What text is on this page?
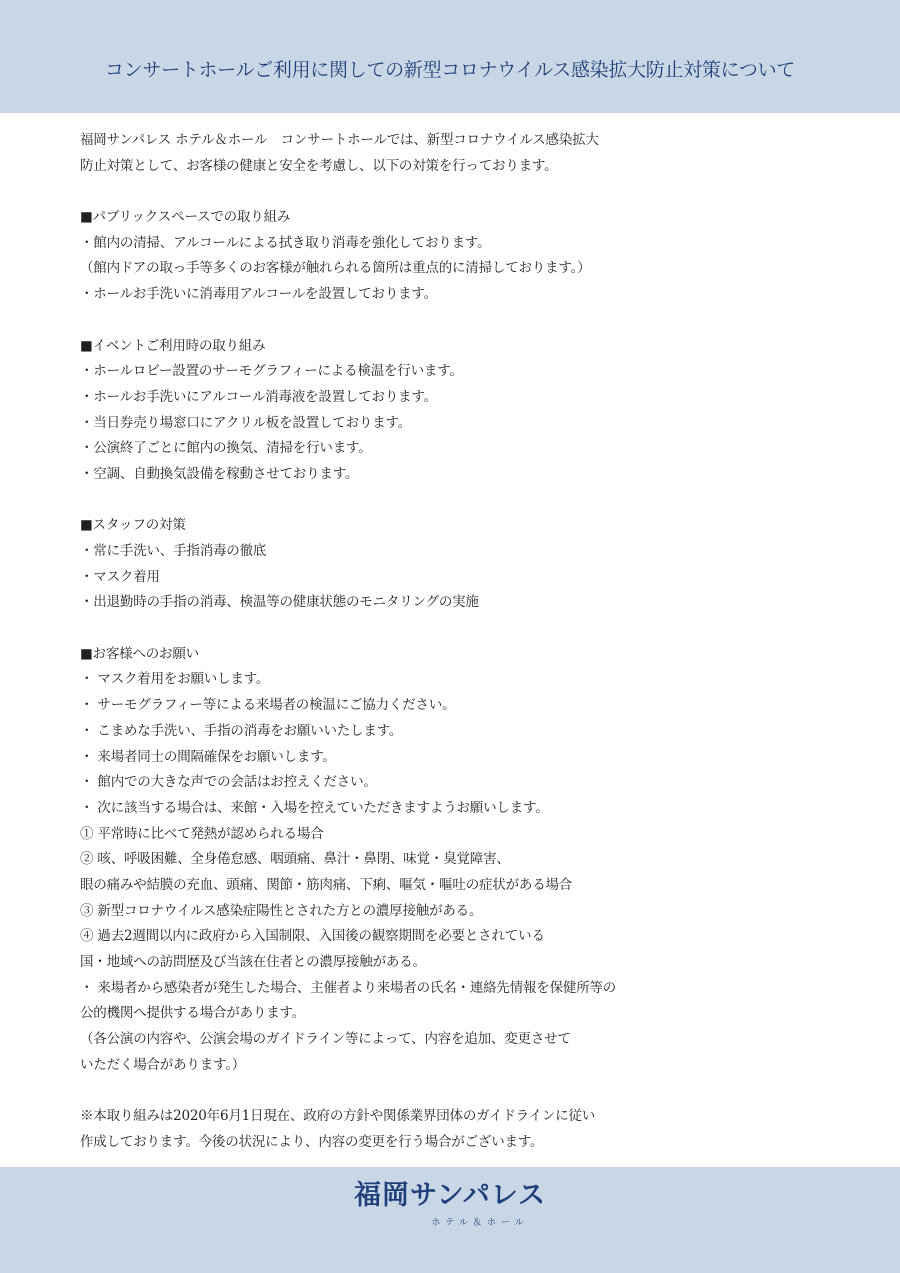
コンサートホールご利用に関しての新型コロナウイルス感染拡大防止対策について
福岡サンパレス ホテル＆ホール　コンサートホールでは、新型コロナウイルス感染拡大
防止対策として、お客様の健康と安全を考慮し、以下の対策を行っております。
■パブリックスペースでの取り組み
・館内の清掃、アルコールによる拭き取り消毒を強化しております。
（館内ドアの取っ手等多くのお客様が触れられる箇所は重点的に清掃しております。）
・ホールお手洗いに消毒用アルコールを設置しております。
■イベントご利用時の取り組み
・ホールロビー設置のサーモグラフィーによる検温を行います。
・ホールお手洗いにアルコール消毒液を設置しております。
・当日券売り場窓口にアクリル板を設置しております。
・公演終了ごとに館内の換気、清掃を行います。
・空調、自動換気設備を稼動させております。
■スタッフの対策
・常に手洗い、手指消毒の徹底
・マスク着用
・出退勤時の手指の消毒、検温等の健康状態のモニタリングの実施
■お客様へのお願い
・ マスク着用をお願いします。
・ サーモグラフィー等による来場者の検温にご協力ください。
・ こまめな手洗い、手指の消毒をお願いいたします。
・ 来場者同士の間隔確保をお願いします。
・ 館内での大きな声での会話はお控えください。
・ 次に該当する場合は、来館・入場を控えていただきますようお願いします。
① 平常時に比べて発熱が認められる場合
② 咳、呼吸困難、全身倦怠感、咽頭痛、鼻汁・鼻閉、味覚・臭覚障害、
眼の痛みや結膜の充血、頭痛、関節・筋肉痛、下痢、嘔気・嘔吐の症状がある場合
③ 新型コロナウイルス感染症陽性とされた方との濃厚接触がある。
④ 過去2週間以内に政府から入国制限、入国後の観察期間を必要とされている
国・地域への訪問歴及び当該在住者との濃厚接触がある。
・ 来場者から感染者が発生した場合、主催者より来場者の氏名・連絡先情報を保健所等の
公的機関へ提供する場合があります。
（各公演の内容や、公演会場のガイドライン等によって、内容を追加、変更させて
いただく場合があります。）
※本取り組みは2020年6月1日現在、政府の方針や関係業界団体のガイドラインに従い
作成しております。今後の状況により、内容の変更を行う場合がございます。
福岡サンパレス
ホテル＆ホール
